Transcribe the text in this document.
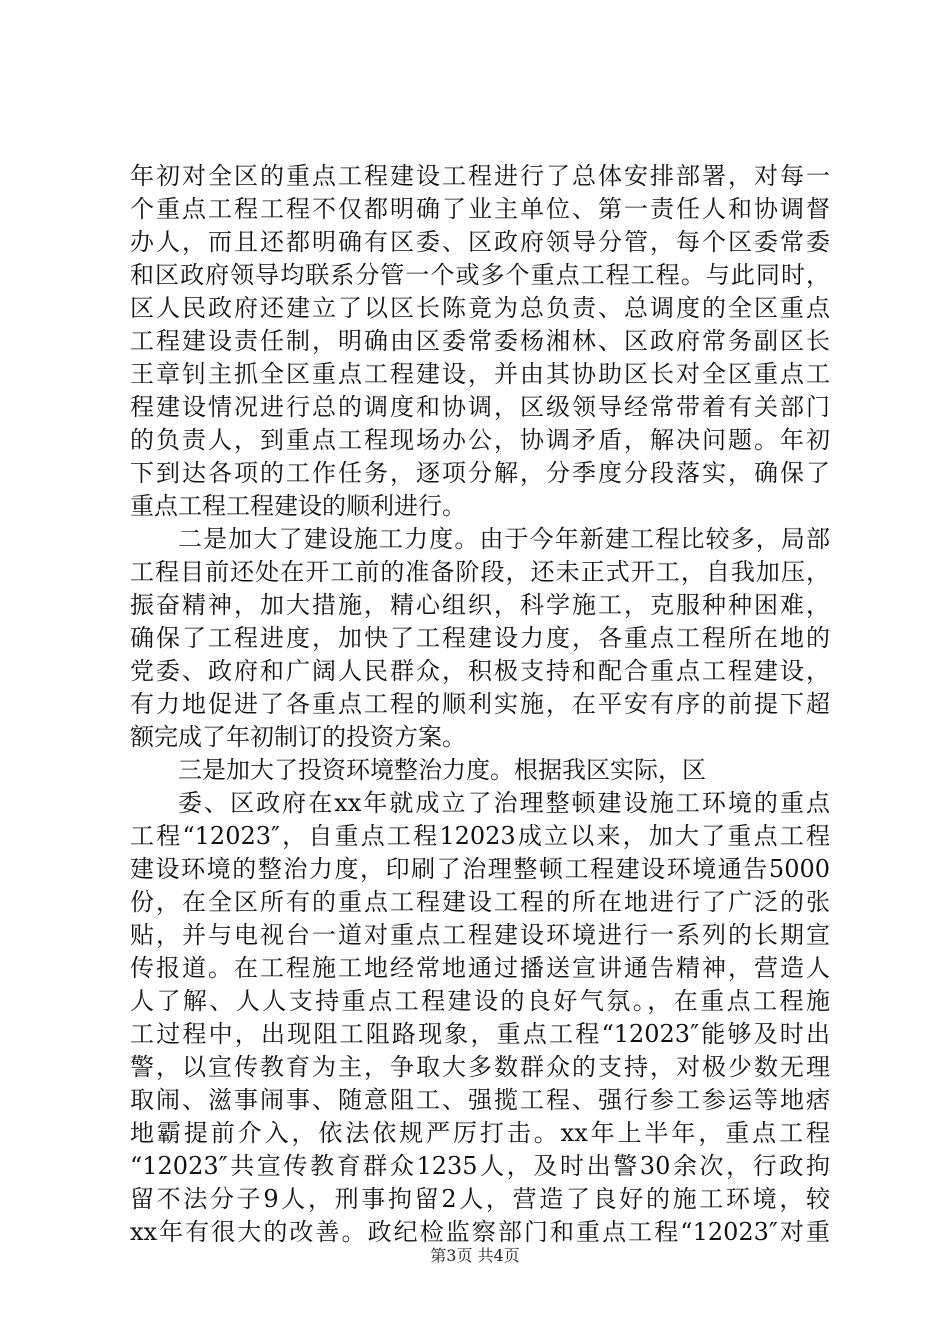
年初对全区的重点工程建设工程进行了总体安排部署，对每一
个重点工程工程不仅都明确了业主单位、第一责任人和协调督
办人，而且还都明确有区委、区政府领导分管，每个区委常委
和区政府领导均联系分管一个或多个重点工程工程。与此同时，
区人民政府还建立了以区长陈竟为总负责、总调度的全区重点
工程建设责任制，明确由区委常委杨湘林、区政府常务副区长
王章钊主抓全区重点工程建设，并由其协助区长对全区重点工
程建设情况进行总的调度和协调，区级领导经常带着有关部门
的负责人，到重点工程现场办公，协调矛盾，解决问题。年初
下到达各项的工作任务，逐项分解，分季度分段落实，确保了
重点工程工程建设的顺利进行。
二是加大了建设施工力度。由于今年新建工程比较多，局部
工程目前还处在开工前的准备阶段，还未正式开工，自我加压，
振奋精神，加大措施，精心组织，科学施工，克服种种困难，
确保了工程进度，加快了工程建设力度，各重点工程所在地的
党委、政府和广阔人民群众，积极支持和配合重点工程建设，
有力地促进了各重点工程的顺利实施，在平安有序的前提下超
额完成了年初制订的投资方案。
三是加大了投资环境整治力度。根据我区实际，区
委、区政府在xx年就成立了治理整顿建设施工环境的重点
工程“12023″，自重点工程12023成立以来，加大了重点工程
建设环境的整治力度，印刷了治理整顿工程建设环境通告5000
份，在全区所有的重点工程建设工程的所在地进行了广泛的张
贴，并与电视台一道对重点工程建设环境进行一系列的长期宣
传报道。在工程施工地经常地通过播送宣讲通告精神，营造人
人了解、人人支持重点工程建设的良好气氛。，在重点工程施
工过程中，出现阻工阻路现象，重点工程“12023″能够及时出
警，以宣传教育为主，争取大多数群众的支持，对极少数无理
取闹、滋事闹事、随意阻工、强揽工程、强行参工参运等地痞
地霸提前介入，依法依规严厉打击。xx年上半年，重点工程
“12023″共宣传教育群众1235人，及时出警30余次，行政拘
留不法分子9人，刑事拘留2人，营造了良好的施工环境，较
xx年有很大的改善。政纪检监察部门和重点工程“12023″对重
第3页 共4页
